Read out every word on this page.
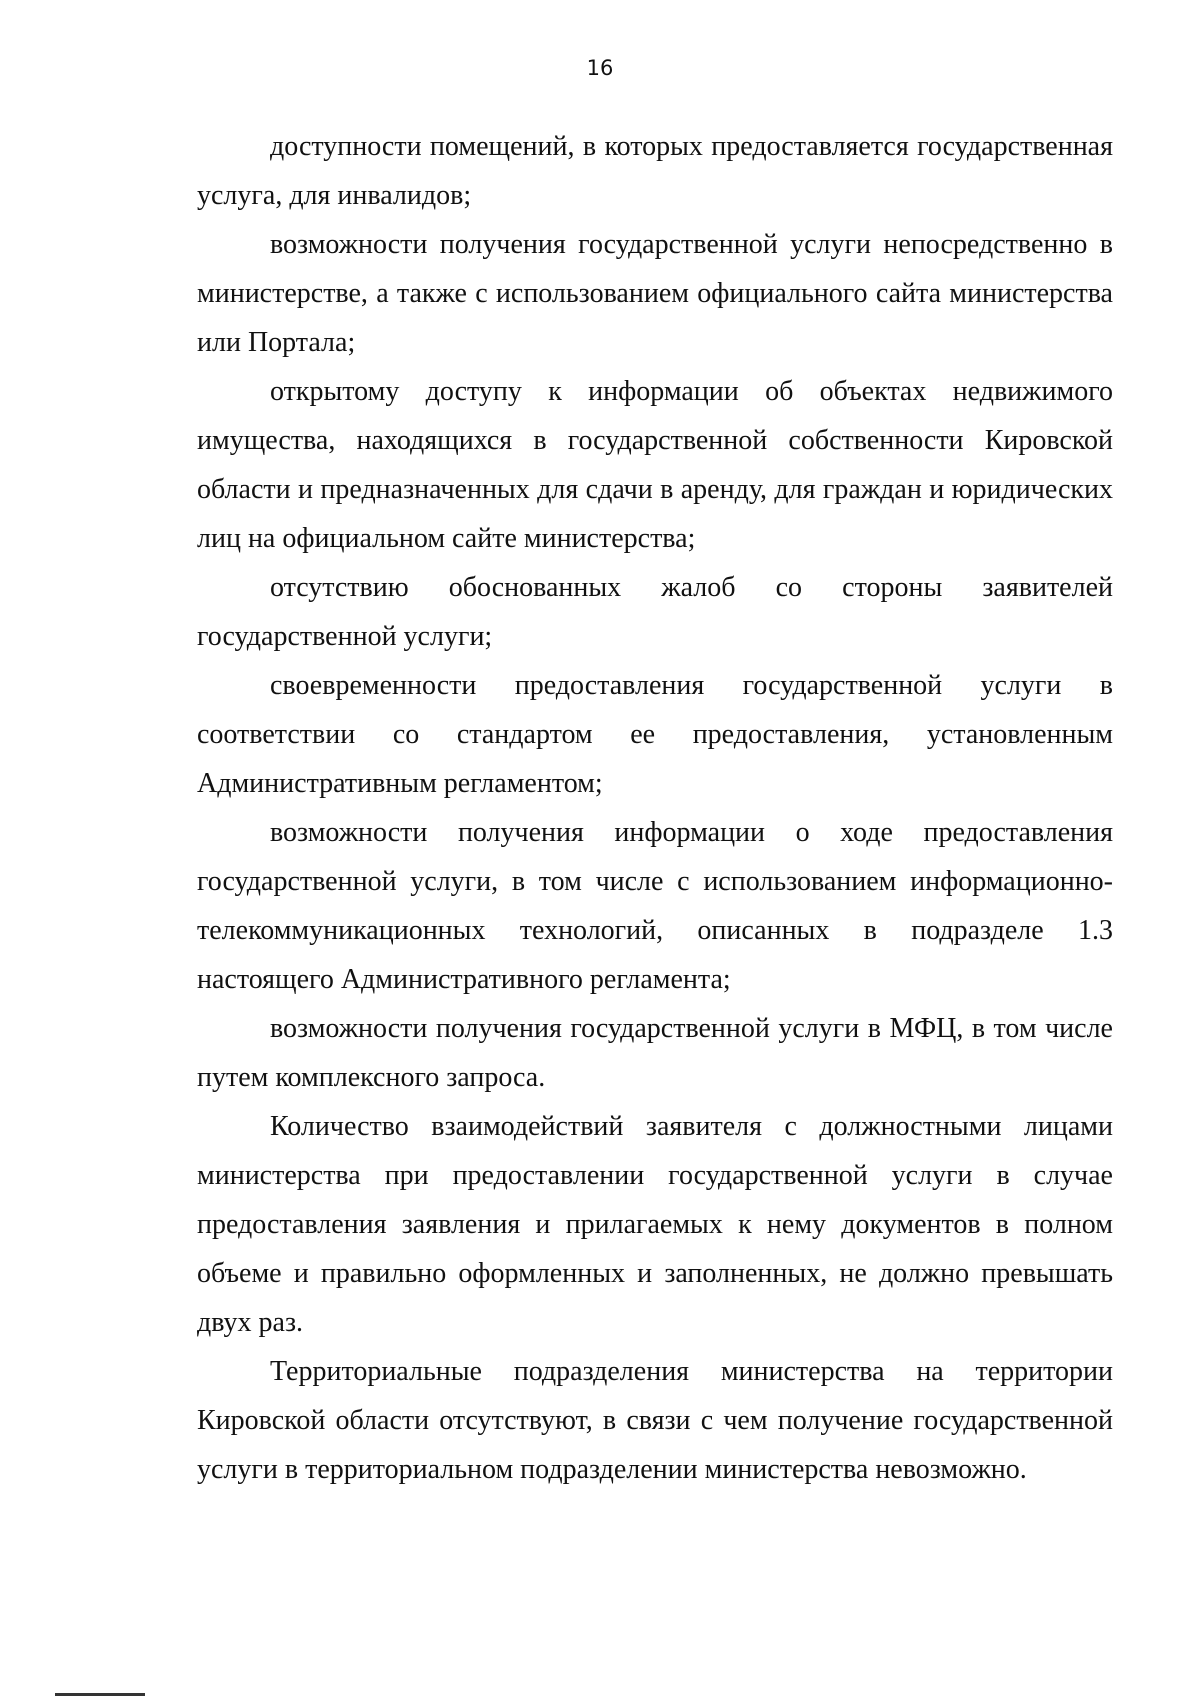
16

доступности помещений, в которых предоставляется государственная услуга, для инвалидов;

возможности получения государственной услуги непосредственно в министерстве, а также с использованием официального сайта министерства или Портала;

открытому доступу к информации об объектах недвижимого имущества, находящихся в государственной собственности Кировской области и предназначенных для сдачи в аренду, для граждан и юридических лиц на официальном сайте министерства;

отсутствию обоснованных жалоб со стороны заявителей государственной услуги;

своевременности предоставления государственной услуги в соответствии со стандартом ее предоставления, установленным Административным регламентом;

возможности получения информации о ходе предоставления государственной услуги, в том числе с использованием информационно-телекоммуникационных технологий, описанных в подразделе 1.3 настоящего Административного регламента;

возможности получения государственной услуги в МФЦ, в том числе путем комплексного запроса.

Количество взаимодействий заявителя с должностными лицами министерства при предоставлении государственной услуги в случае предоставления заявления и прилагаемых к нему документов в полном объеме и правильно оформленных и заполненных, не должно превышать двух раз.

Территориальные подразделения министерства на территории Кировской области отсутствуют, в связи с чем получение государственной услуги в территориальном подразделении министерства невозможно.
